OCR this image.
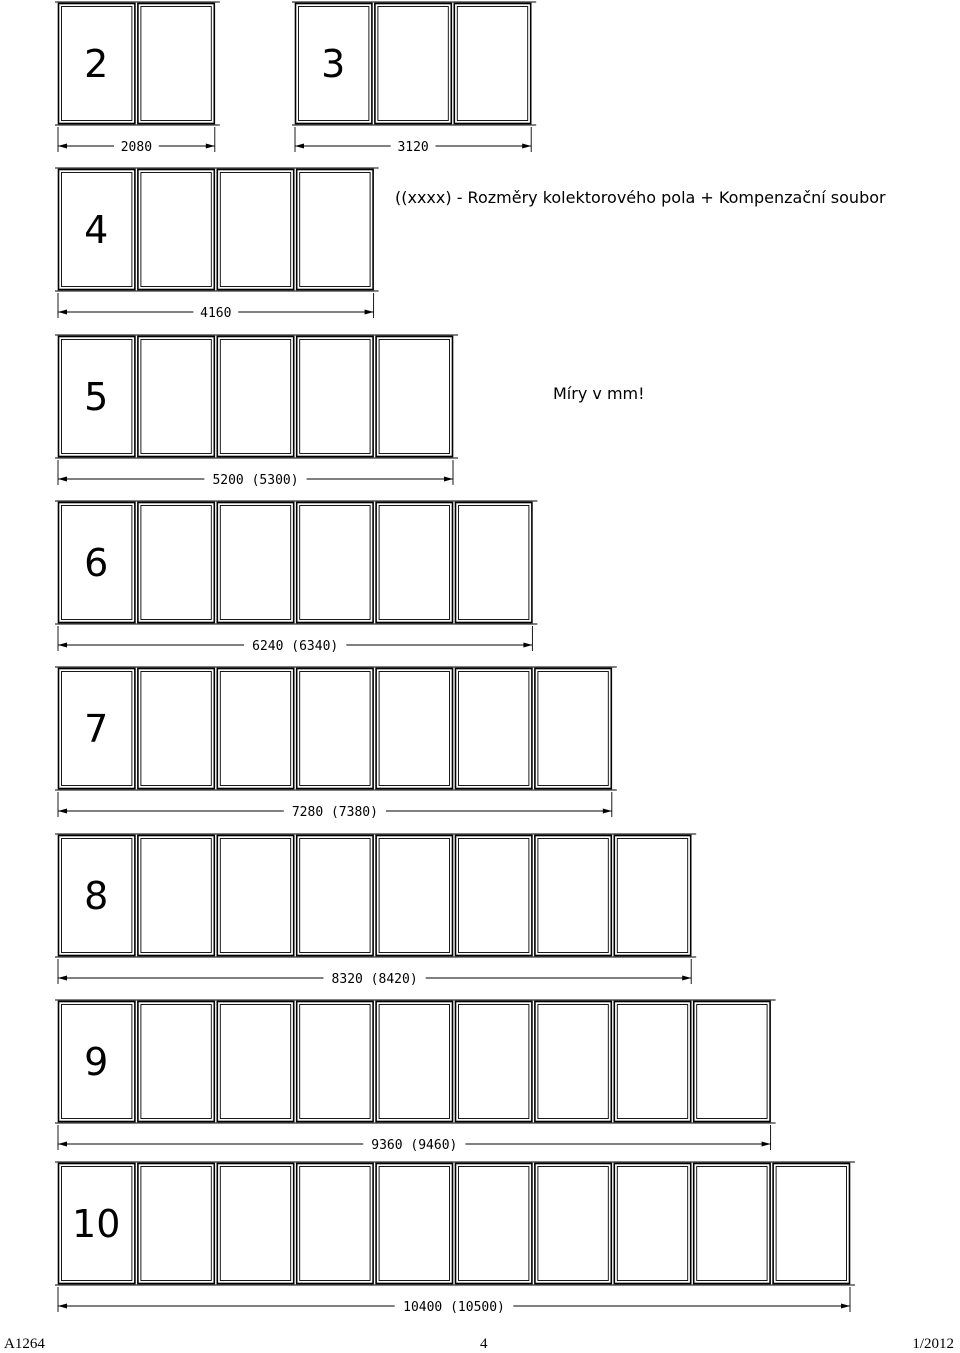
2
2080
3
3120
4
4160
5
5200 (5300)
6
6240 (6340)
7
7280 (7380)
8
8320 (8420)
9
9360 (9460)
10
10400 (10500)
((xxxx) - Rozměry kolektorového pola + Kompenzační soubor
Míry v mm!
A1264	4	1/2012
